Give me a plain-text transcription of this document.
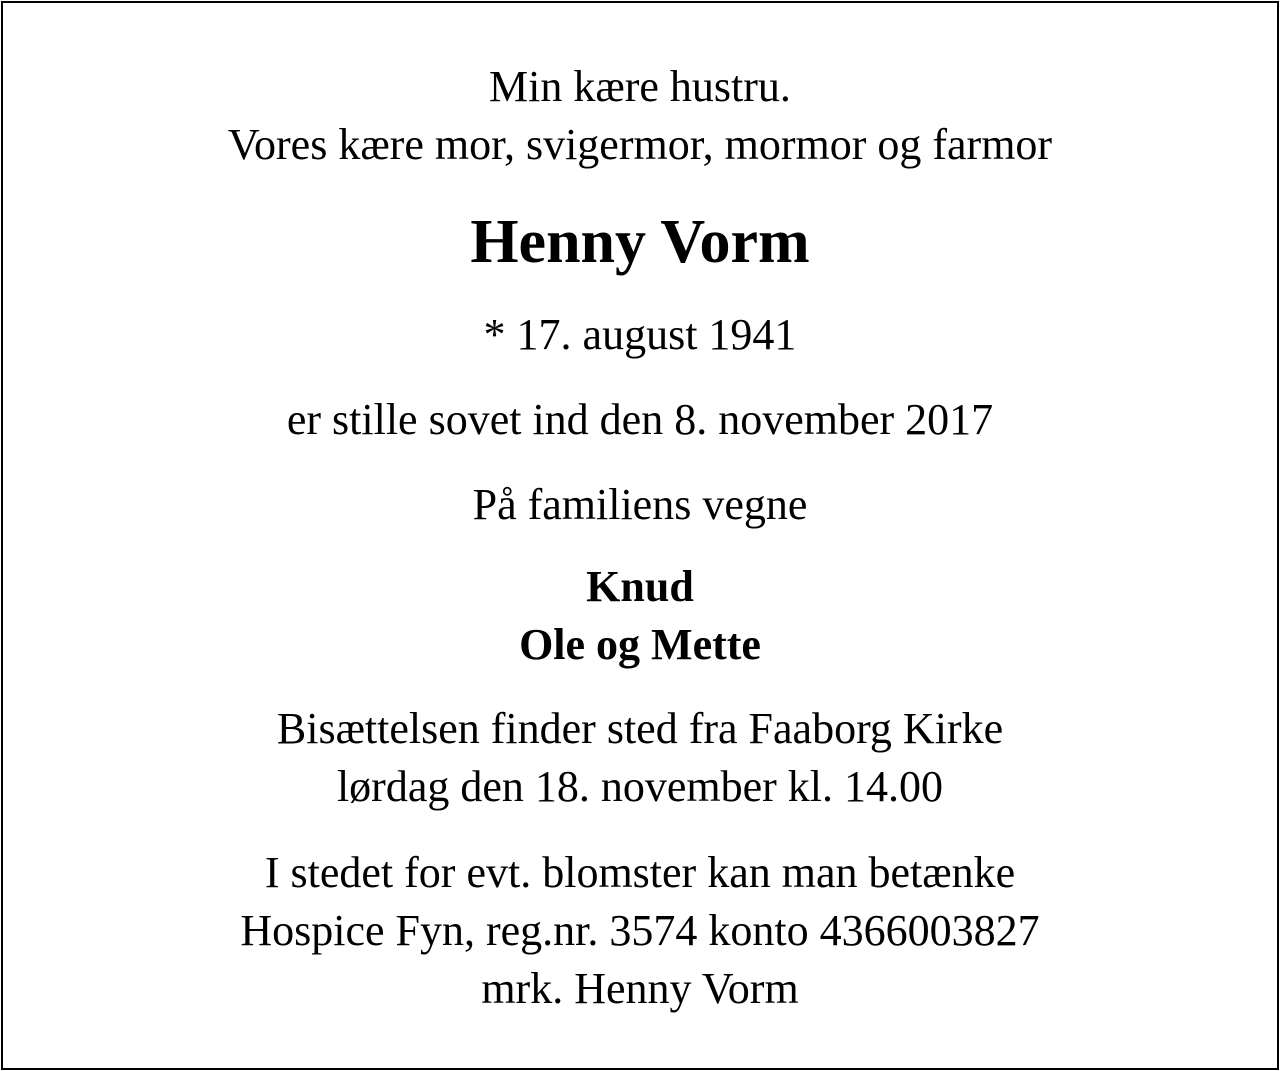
Min kære hustru.
Vores kære mor, svigermor, mormor og farmor
Henny Vorm
* 17. august 1941
er stille sovet ind den 8. november 2017
På familiens vegne
Knud
Ole og Mette
Bisættelsen finder sted fra Faaborg Kirke
lørdag den 18. november kl. 14.00
I stedet for evt. blomster kan man betænke
Hospice Fyn, reg.nr. 3574 konto 4366003827
mrk. Henny Vorm
